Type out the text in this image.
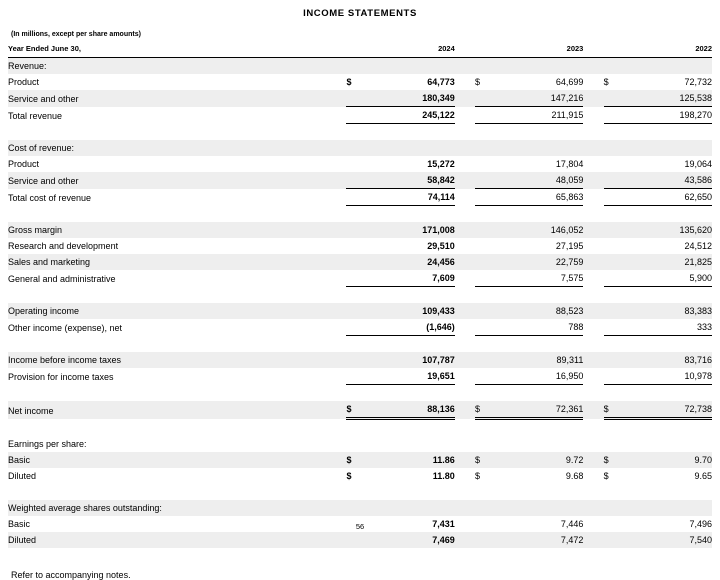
INCOME STATEMENTS
(In millions, except per share amounts)
Year Ended June 30,		2024			2023			2022
Revenue:								
Product	$	64,773		$	64,699		$	72,732
Service and other		180,349			147,216			125,538
Total revenue		245,122			211,915			198,270

Cost of revenue:								
Product		15,272			17,804			19,064
Service and other		58,842			48,059			43,586
Total cost of revenue		74,114			65,863			62,650

Gross margin		171,008			146,052			135,620
Research and development		29,510			27,195			24,512
Sales and marketing		24,456			22,759			21,825
General and administrative		7,609			7,575			5,900

Operating income		109,433			88,523			83,383
Other income (expense), net		(1,646)			788			333

Income before income taxes		107,787			89,311			83,716
Provision for income taxes		19,651			16,950			10,978

Net income	$	88,136		$	72,361		$	72,738

Earnings per share:								
Basic	$	11.86		$	9.72		$	9.70
Diluted	$	11.80		$	9.68		$	9.65

Weighted average shares outstanding:								
Basic		7,431			7,446			7,496
Diluted		7,469			7,472			7,540
Refer to accompanying notes.
56
